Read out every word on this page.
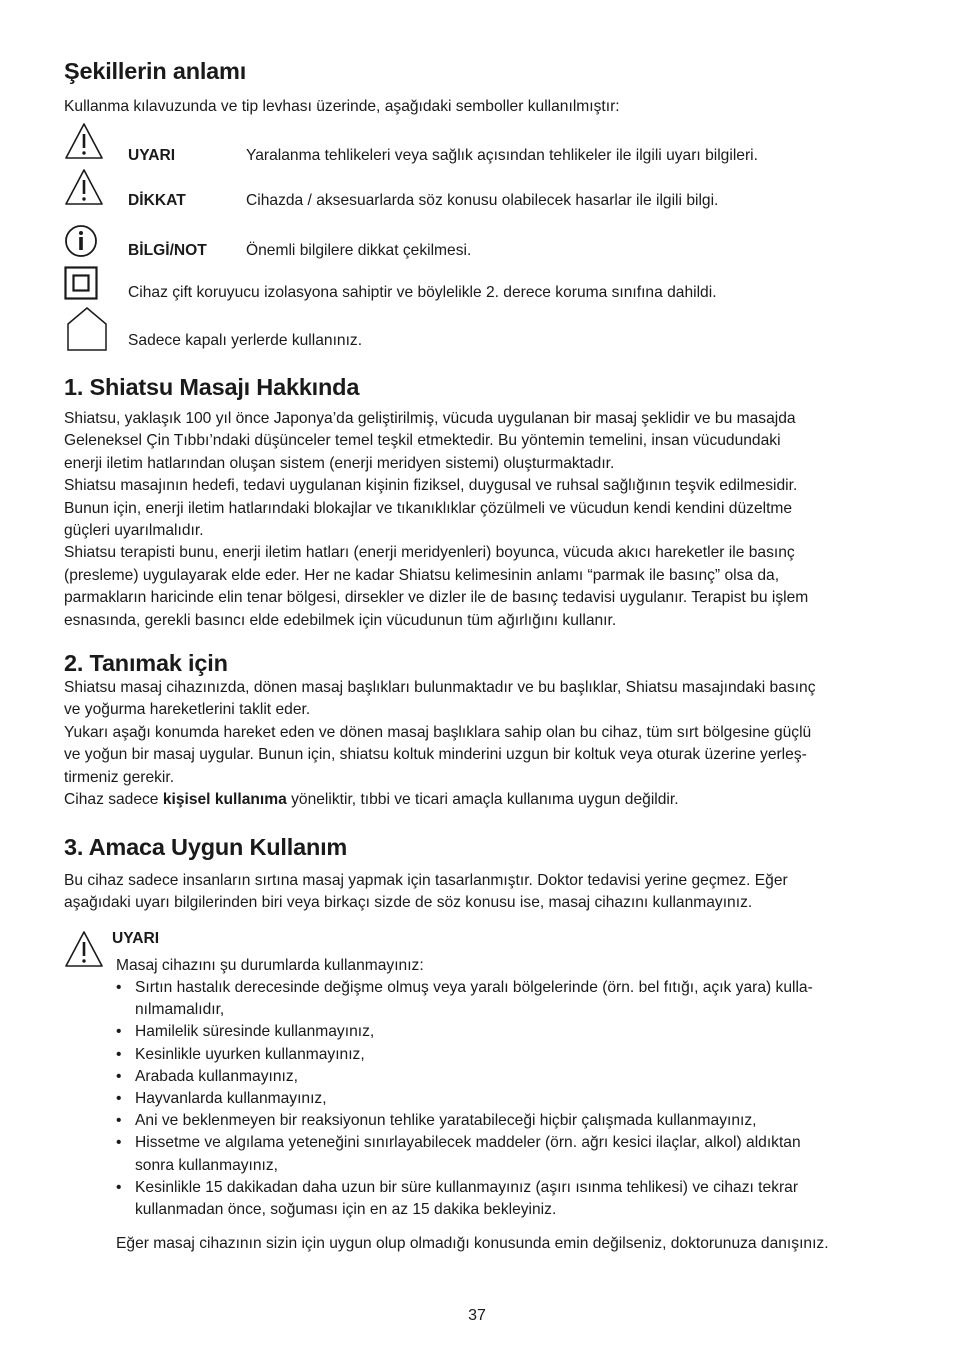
Şekillerin anlamı
Kullanma kılavuzunda ve tip levhası üzerinde, aşağıdaki semboller kullanılmıştır:
UYARI	Yaralanma tehlikeleri veya sağlık açısından tehlikeler ile ilgili uyarı bilgileri.
DİKKAT	Cihazda / aksesuarlarda söz konusu olabilecek hasarlar ile ilgili bilgi.
BİLGİ/NOT	Önemli bilgilere dikkat çekilmesi.
Cihaz çift koruyucu izolasyona sahiptir ve böylelikle 2. derece koruma sınıfına dahildi.
Sadece kapalı yerlerde kullanınız.
1. Shiatsu Masajı Hakkında
Shiatsu, yaklaşık 100 yıl önce Japonya’da geliştirilmiş, vücuda uygulanan bir masaj şeklidir ve bu masajda
Geleneksel Çin Tıbbı’ndaki düşünceler temel teşkil etmektedir. Bu yöntemin temelini, insan vücudundaki
enerji iletim hatlarından oluşan sistem (enerji meridyen sistemi) oluşturmaktadır.
Shiatsu masajının hedefi, tedavi uygulanan kişinin fiziksel, duygusal ve ruhsal sağlığının teşvik edilmesidir.
Bunun için, enerji iletim hatlarındaki blokajlar ve tıkanıklıklar çözülmeli ve vücudun kendi kendini düzeltme
güçleri uyarılmalıdır.
Shiatsu terapisti bunu, enerji iletim hatları (enerji meridyenleri) boyunca, vücuda akıcı hareketler ile basınç
(presleme) uygulayarak elde eder. Her ne kadar Shiatsu kelimesinin anlamı “parmak ile basınç” olsa da,
parmakların haricinde elin tenar bölgesi, dirsekler ve dizler ile de basınç tedavisi uygulanır. Terapist bu işlem
esnasında, gerekli basıncı elde edebilmek için vücudunun tüm ağırlığını kullanır.
2. Tanımak için
Shiatsu masaj cihazınızda, dönen masaj başlıkları bulunmaktadır ve bu başlıklar, Shiatsu masajındaki basınç
ve yoğurma hareketlerini taklit eder.
Yukarı aşağı konumda hareket eden ve dönen masaj başlıklara sahip olan bu cihaz, tüm sırt bölgesine güçlü
ve yoğun bir masaj uygular. Bunun için, shiatsu koltuk minderini uzgun bir koltuk veya oturak üzerine yerleş-
tirmeniz gerekir.
Cihaz sadece kişisel kullanıma yöneliktir, tıbbi ve ticari amaçla kullanıma uygun değildir.
3. Amaca Uygun Kullanım
Bu cihaz sadece insanların sırtına masaj yapmak için tasarlanmıştır. Doktor tedavisi yerine geçmez. Eğer
aşağıdaki uyarı bilgilerinden biri veya birkaçı sizde de söz konusu ise, masaj cihazını kullanmayınız.
UYARI
Masaj cihazını şu durumlarda kullanmayınız:
• Sırtın hastalık derecesinde değişme olmuş veya yaralı bölgelerinde (örn. bel fıtığı, açık yara) kulla-
nılmamalıdır,
• Hamilelik süresinde kullanmayınız,
• Kesinlikle uyurken kullanmayınız,
• Arabada kullanmayınız,
• Hayvanlarda kullanmayınız,
• Ani ve beklenmeyen bir reaksiyonun tehlike yaratabileceği hiçbir çalışmada kullanmayınız,
• Hissetme ve algılama yeteneğini sınırlayabilecek maddeler (örn. ağrı kesici ilaçlar, alkol) aldıktan
sonra kullanmayınız,
• Kesinlikle 15 dakikadan daha uzun bir süre kullanmayınız (aşırı ısınma tehlikesi) ve cihazı tekrar
kullanmadan önce, soğuması için en az 15 dakika bekleyiniz.
Eğer masaj cihazının sizin için uygun olup olmadığı konusunda emin değilseniz, doktorunuza danışınız.
37
